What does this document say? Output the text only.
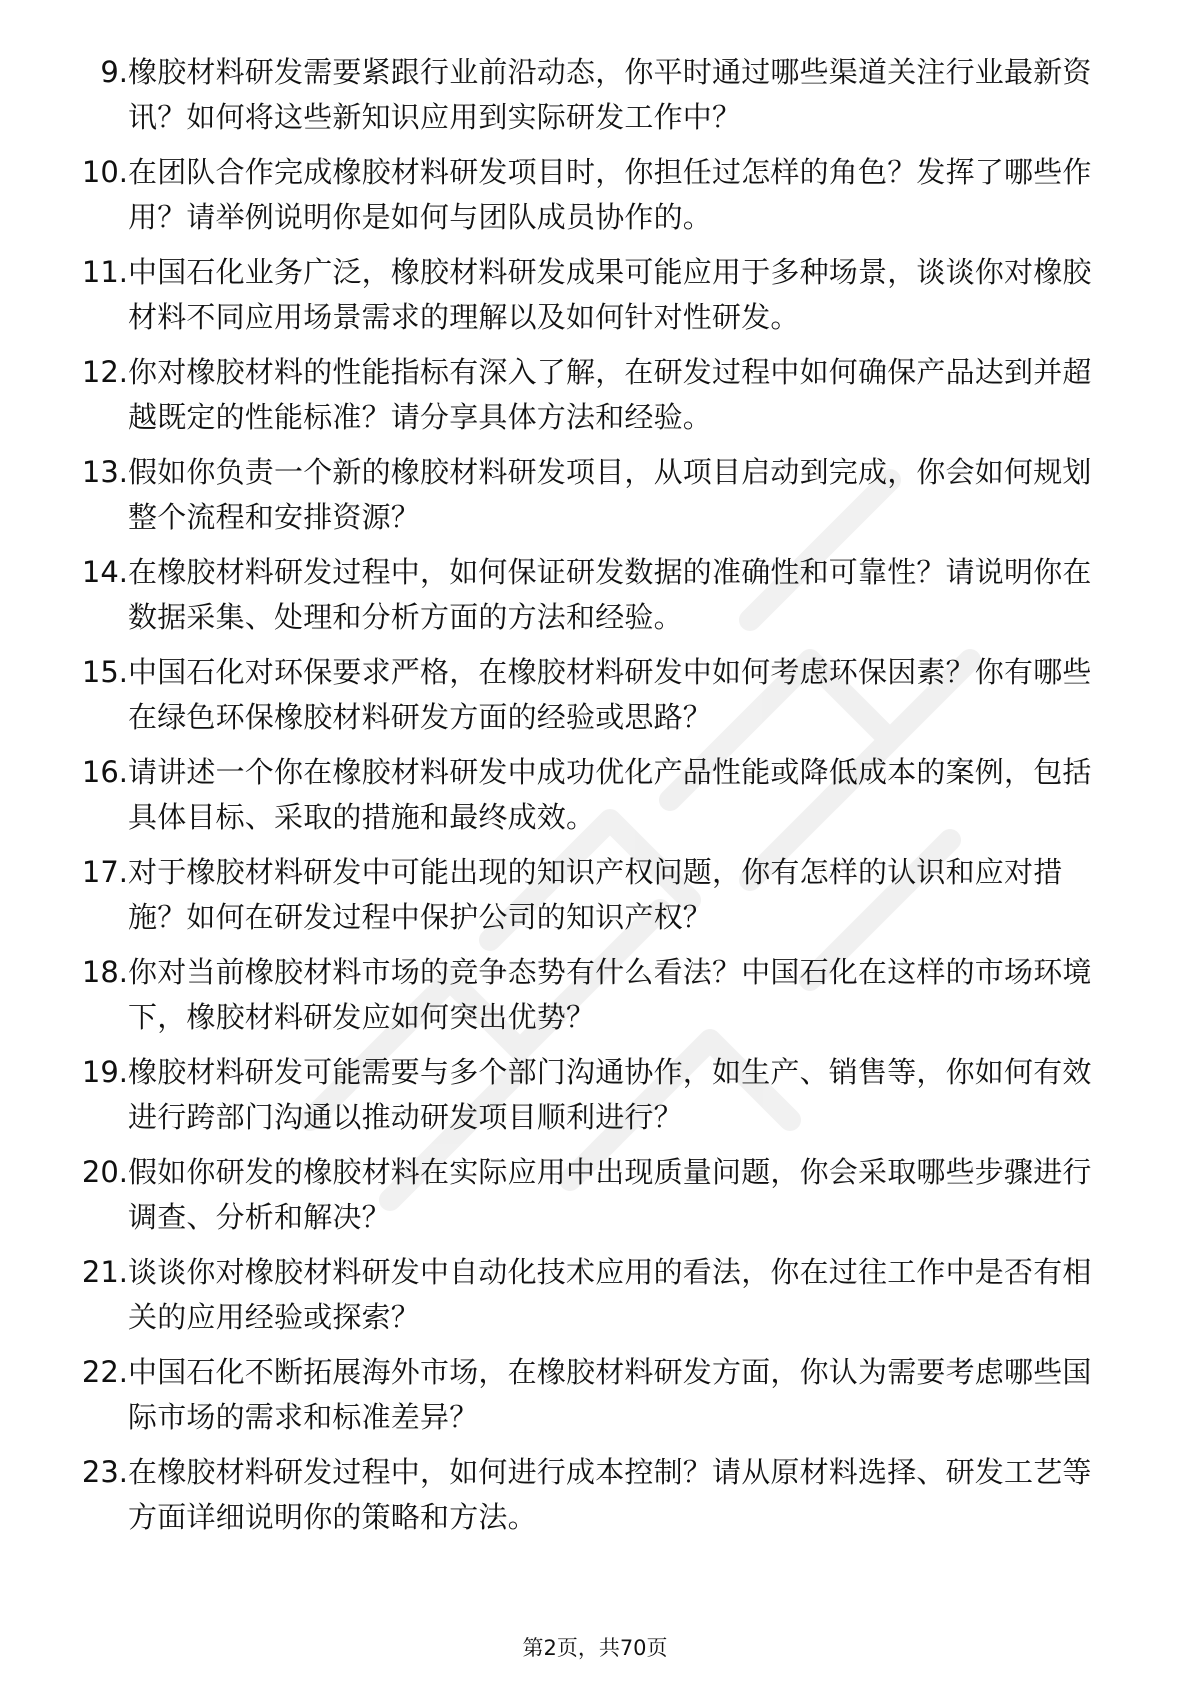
9. 橡胶材料研发需要紧跟行业前沿动态，你平时通过哪些渠道关注行业最新资讯？如何将这些新知识应用到实际研发工作中？
10. 在团队合作完成橡胶材料研发项目时，你担任过怎样的角色？发挥了哪些作用？请举例说明你是如何与团队成员协作的。
11. 中国石化业务广泛，橡胶材料研发成果可能应用于多种场景，谈谈你对橡胶材料不同应用场景需求的理解以及如何针对性研发。
12. 你对橡胶材料的性能指标有深入了解，在研发过程中如何确保产品达到并超越既定的性能标准？请分享具体方法和经验。
13. 假如你负责一个新的橡胶材料研发项目，从项目启动到完成，你会如何规划整个流程和安排资源？
14. 在橡胶材料研发过程中，如何保证研发数据的准确性和可靠性？请说明你在数据采集、处理和分析方面的方法和经验。
15. 中国石化对环保要求严格，在橡胶材料研发中如何考虑环保因素？你有哪些在绿色环保橡胶材料研发方面的经验或思路？
16. 请讲述一个你在橡胶材料研发中成功优化产品性能或降低成本的案例，包括具体目标、采取的措施和最终成效。
17. 对于橡胶材料研发中可能出现的知识产权问题，你有怎样的认识和应对措施？如何在研发过程中保护公司的知识产权？
18. 你对当前橡胶材料市场的竞争态势有什么看法？中国石化在这样的市场环境下，橡胶材料研发应如何突出优势？
19. 橡胶材料研发可能需要与多个部门沟通协作，如生产、销售等，你如何有效进行跨部门沟通以推动研发项目顺利进行？
20. 假如你研发的橡胶材料在实际应用中出现质量问题，你会采取哪些步骤进行调查、分析和解决？
21. 谈谈你对橡胶材料研发中自动化技术应用的看法，你在过往工作中是否有相关的应用经验或探索？
22. 中国石化不断拓展海外市场，在橡胶材料研发方面，你认为需要考虑哪些国际市场的需求和标准差异？
23. 在橡胶材料研发过程中，如何进行成本控制？请从原材料选择、研发工艺等方面详细说明你的策略和方法。
第2页，共70页
